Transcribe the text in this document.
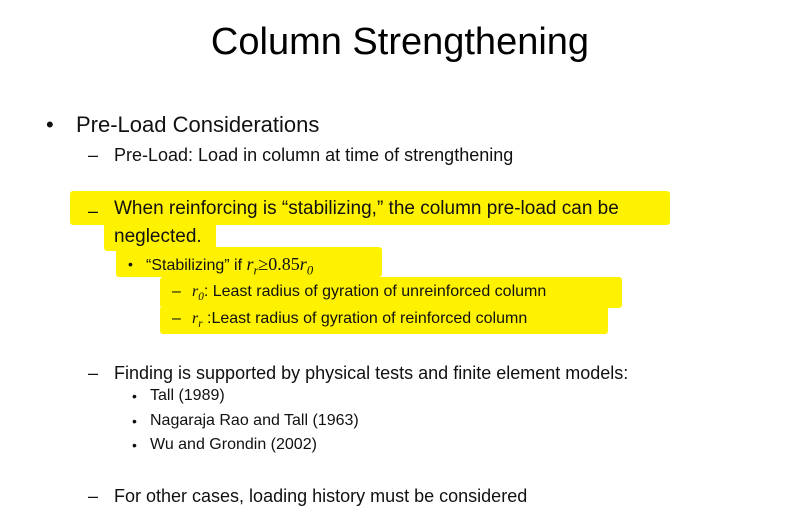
Column Strengthening
• Pre-Load Considerations
– Pre-Load: Load in column at time of strengthening
– When reinforcing is “stabilizing,” the column pre-load can be
neglected.
• “Stabilizing” if $r_r\ge 0.85r_0$
– $r_0$: Least radius of gyration of unreinforced column
– $r_r$ :Least radius of gyration of reinforced column
– Finding is supported by physical tests and finite element models:
• Tall (1989)
• Nagaraja Rao and Tall (1963)
• Wu and Grondin (2002)
– For other cases, loading history must be considered
